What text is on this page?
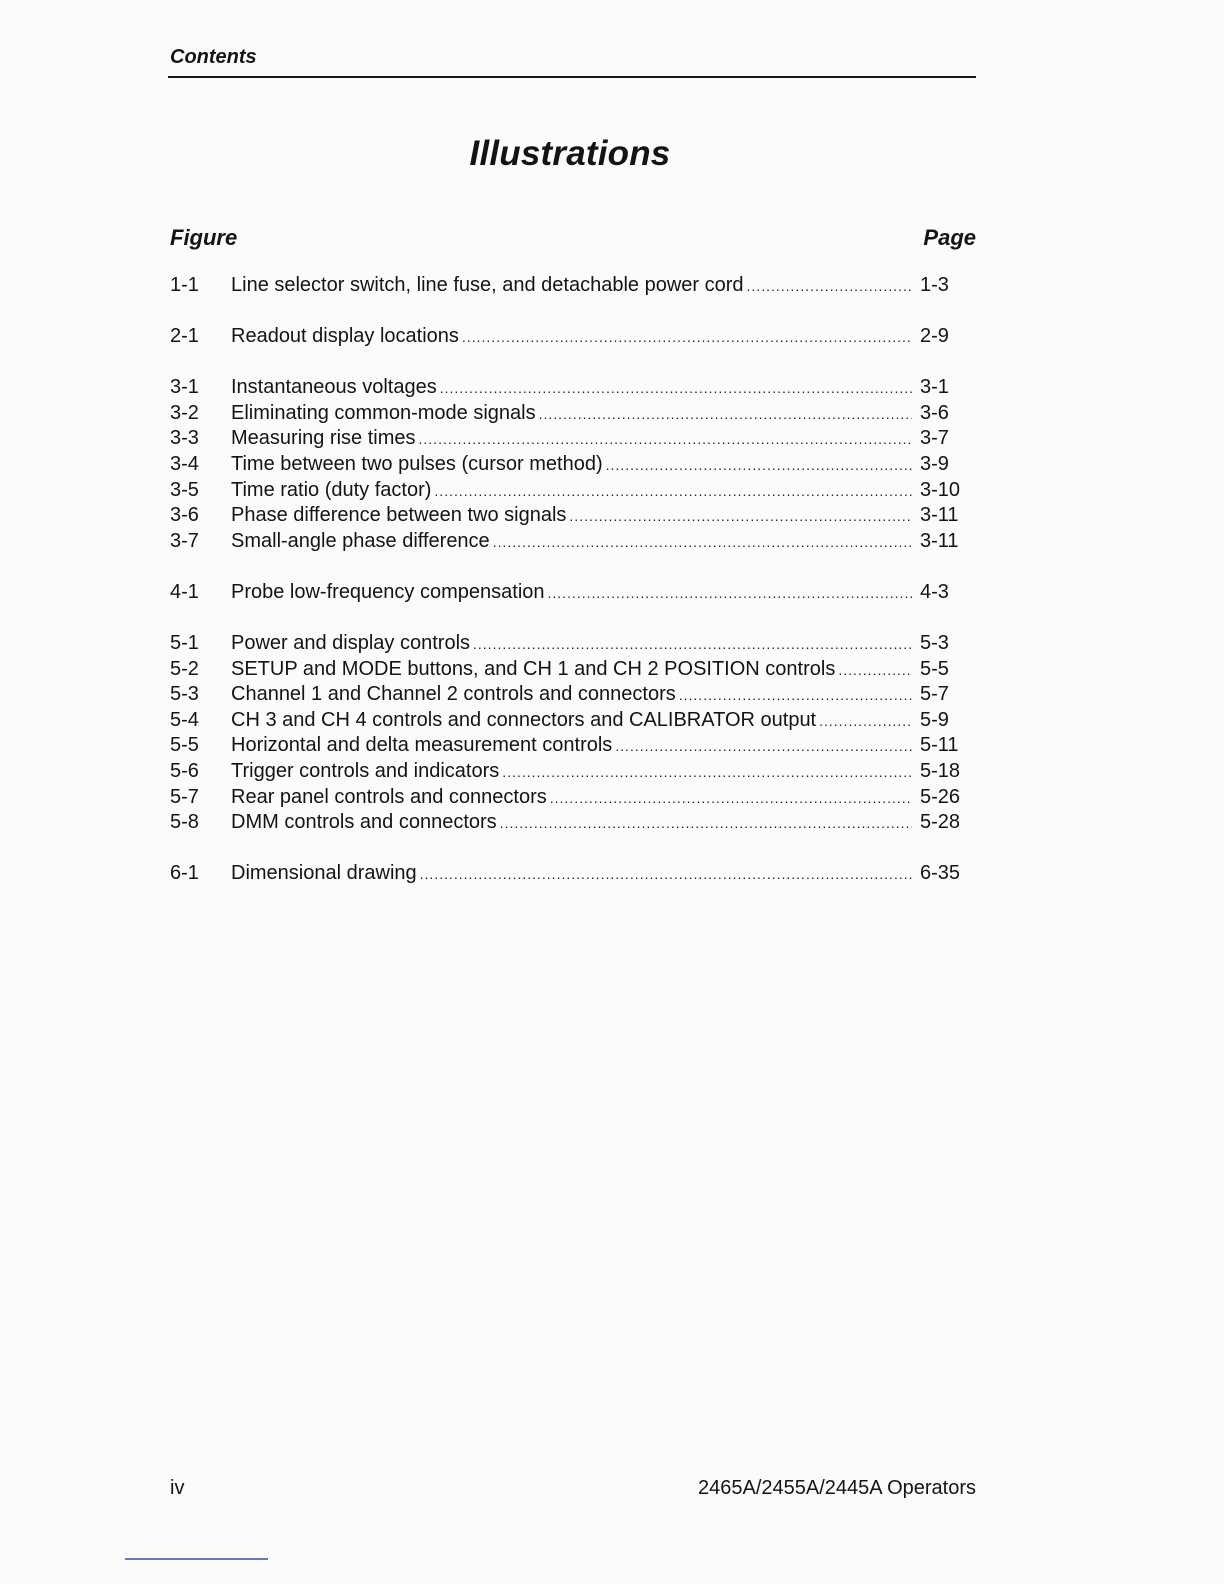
Contents
Illustrations
Figure	Page
1-1	Line selector switch, line fuse, and detachable power cord .....	1-3
2-1	Readout display locations .....	2-9
3-1	Instantaneous voltages .....	3-1
3-2	Eliminating common-mode signals .....	3-6
3-3	Measuring rise times .....	3-7
3-4	Time between two pulses (cursor method) .....	3-9
3-5	Time ratio (duty factor) .....	3-10
3-6	Phase difference between two signals .....	3-11
3-7	Small-angle phase difference .....	3-11
4-1	Probe low-frequency compensation .....	4-3
5-1	Power and display controls .....	5-3
5-2	SETUP and MODE buttons, and CH 1 and CH 2 POSITION controls .....	5-5
5-3	Channel 1 and Channel 2 controls and connectors .....	5-7
5-4	CH 3 and CH 4 controls and connectors and CALIBRATOR output .....	5-9
5-5	Horizontal and delta measurement controls .....	5-11
5-6	Trigger controls and indicators .....	5-18
5-7	Rear panel controls and connectors .....	5-26
5-8	DMM controls and connectors .....	5-28
6-1	Dimensional drawing .....	6-35
iv	2465A/2455A/2445A Operators
